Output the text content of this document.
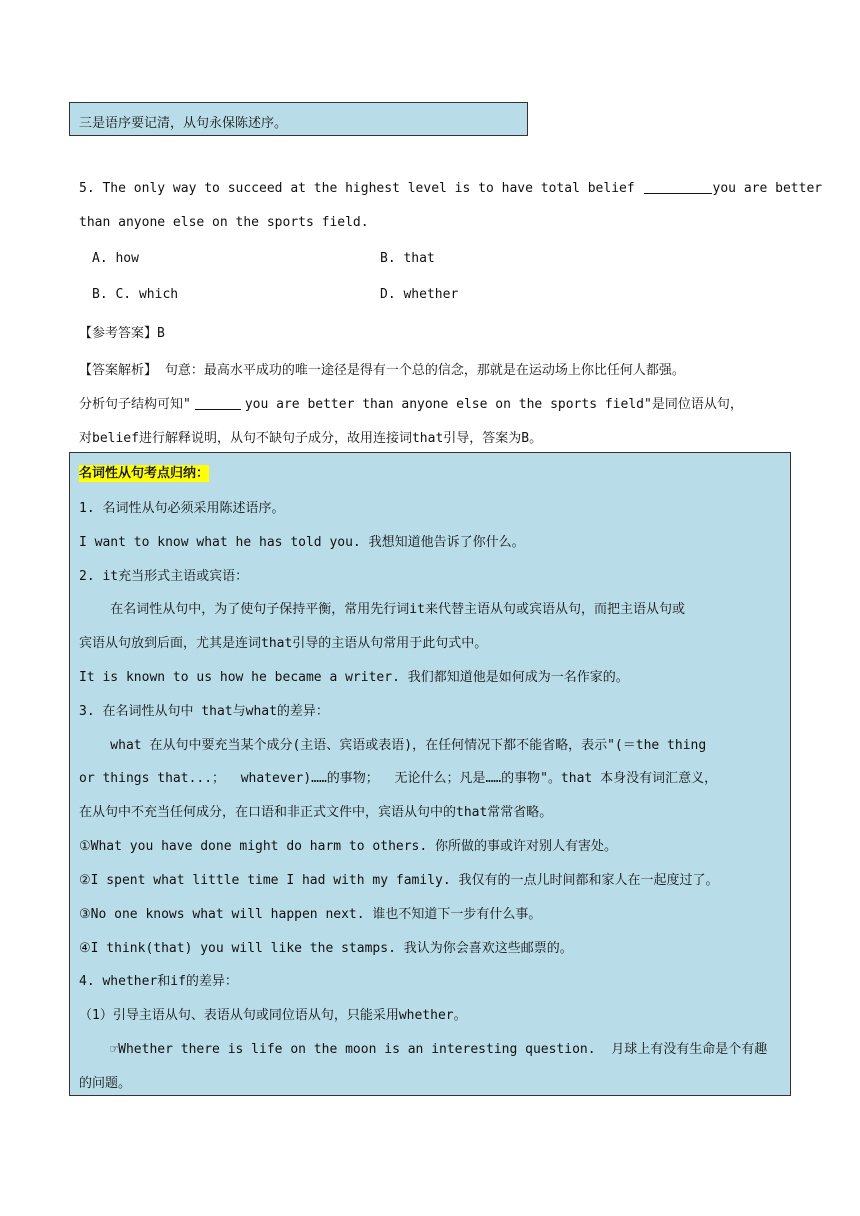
三是语序要记清，从句永保陈述序。
5. The only way to succeed at the highest level is to have total belief	you are better
than anyone else on the sports field.
A. how	B. that
B. C. which	D. whether
【参考答案】B
【答案解析】 句意：最高水平成功的唯一途径是得有一个总的信念，那就是在运动场上你比任何人都强。
分析句子结构可知"	you are better than anyone else on the sports field"是同位语从句，
对belief进行解释说明，从句不缺句子成分，故用连接词that引导，答案为B。
名词性从句考点归纳：
1. 名词性从句必须采用陈述语序。
I want to know what he has told you. 我想知道他告诉了你什么。
2. it充当形式主语或宾语：
在名词性从句中，为了使句子保持平衡，常用先行词it来代替主语从句或宾语从句，而把主语从句或
宾语从句放到后面，尤其是连词that引导的主语从句常用于此句式中。
It is known to us how he became a writer. 我们都知道他是如何成为一名作家的。
3. 在名词性从句中 that与what的差异：
what 在从句中要充当某个成分(主语、宾语或表语)，在任何情况下都不能省略，表示"(＝the thing
or things that...；  whatever)……的事物；  无论什么；凡是……的事物"。that 本身没有词汇意义，
在从句中不充当任何成分，在口语和非正式文件中，宾语从句中的that常常省略。
①What you have done might do harm to others. 你所做的事或许对别人有害处。
②I spent what little time I had with my family. 我仅有的一点儿时间都和家人在一起度过了。
③No one knows what will happen next. 谁也不知道下一步有什么事。
④I think(that) you will like the stamps. 我认为你会喜欢这些邮票的。
4. whether和if的差异：
（1）引导主语从句、表语从句或同位语从句，只能采用whether。
☞Whether there is life on the moon is an interesting question.  月球上有没有生命是个有趣
的问题。
